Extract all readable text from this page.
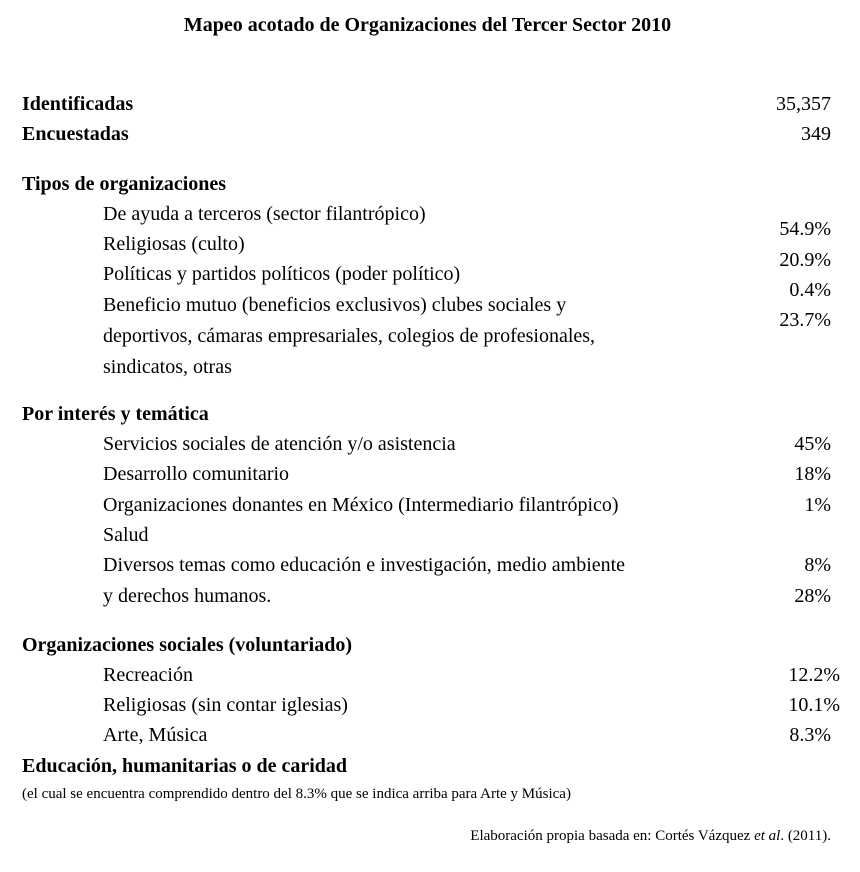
Mapeo acotado de Organizaciones del Tercer Sector 2010
Identificadas	35,357
Encuestadas	349
Tipos de organizaciones
De ayuda a terceros (sector filantrópico)
Religiosas (culto)
Políticas y partidos políticos (poder político)
Beneficio mutuo (beneficios exclusivos) clubes sociales y
deportivos, cámaras empresariales, colegios de profesionales,
sindicatos, otras
54.9%
20.9%
0.4%
23.7%
Por interés y temática
Servicios sociales de atención y/o asistencia
Desarrollo comunitario
Organizaciones donantes en México (Intermediario filantrópico)
Salud
Diversos temas como educación e investigación, medio ambiente
y derechos humanos.
45%
18%
1%
8%
28%
Organizaciones sociales (voluntariado)
Recreación
Religiosas (sin contar iglesias)
Arte, Música
12.2%
10.1%
8.3%
Educación, humanitarias o de caridad
(el cual se encuentra comprendido dentro del 8.3% que se indica arriba para Arte y Música)
Elaboración propia basada en: Cortés Vázquez et al. (2011).
